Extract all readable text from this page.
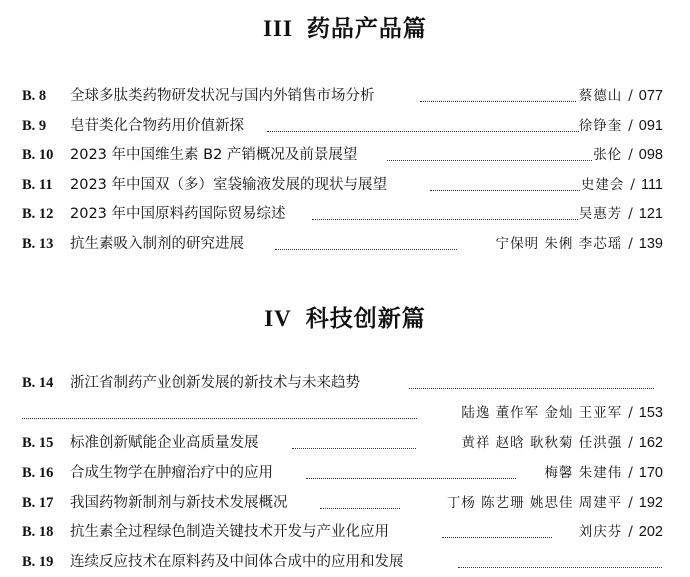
III 药品产品篇
B. 8	全球多肽类药物研发状况与国内外销售市场分析	蔡德山 / 077
B. 9	皂苷类化合物药用价值新探	徐铮奎 / 091
B. 10	2023 年中国维生素 B2 产销概况及前景展望	张伦 / 098
B. 11	2023 年中国双（多）室袋输液发展的现状与展望	史建会 / 111
B. 12	2023 年中国原料药国际贸易综述	吴惠芳 / 121
B. 13	抗生素吸入制剂的研究进展	宁保明 朱俐 李芯瑶 / 139
IV 科技创新篇
B. 14	浙江省制药产业创新发展的新技术与未来趋势
陆逸 董作军 金灿 王亚军 / 153
B. 15	标准创新赋能企业高质量发展	黄祥 赵晗 耿秋菊 任洪强 / 162
B. 16	合成生物学在肿瘤治疗中的应用	梅馨 朱建伟 / 170
B. 17	我国药物新制剂与新技术发展概况	丁杨 陈艺珊 姚思佳 周建平 / 192
B. 18	抗生素全过程绿色制造关键技术开发与产业化应用	刘庆芬 / 202
B. 19	连续反应技术在原料药及中间体合成中的应用和发展
